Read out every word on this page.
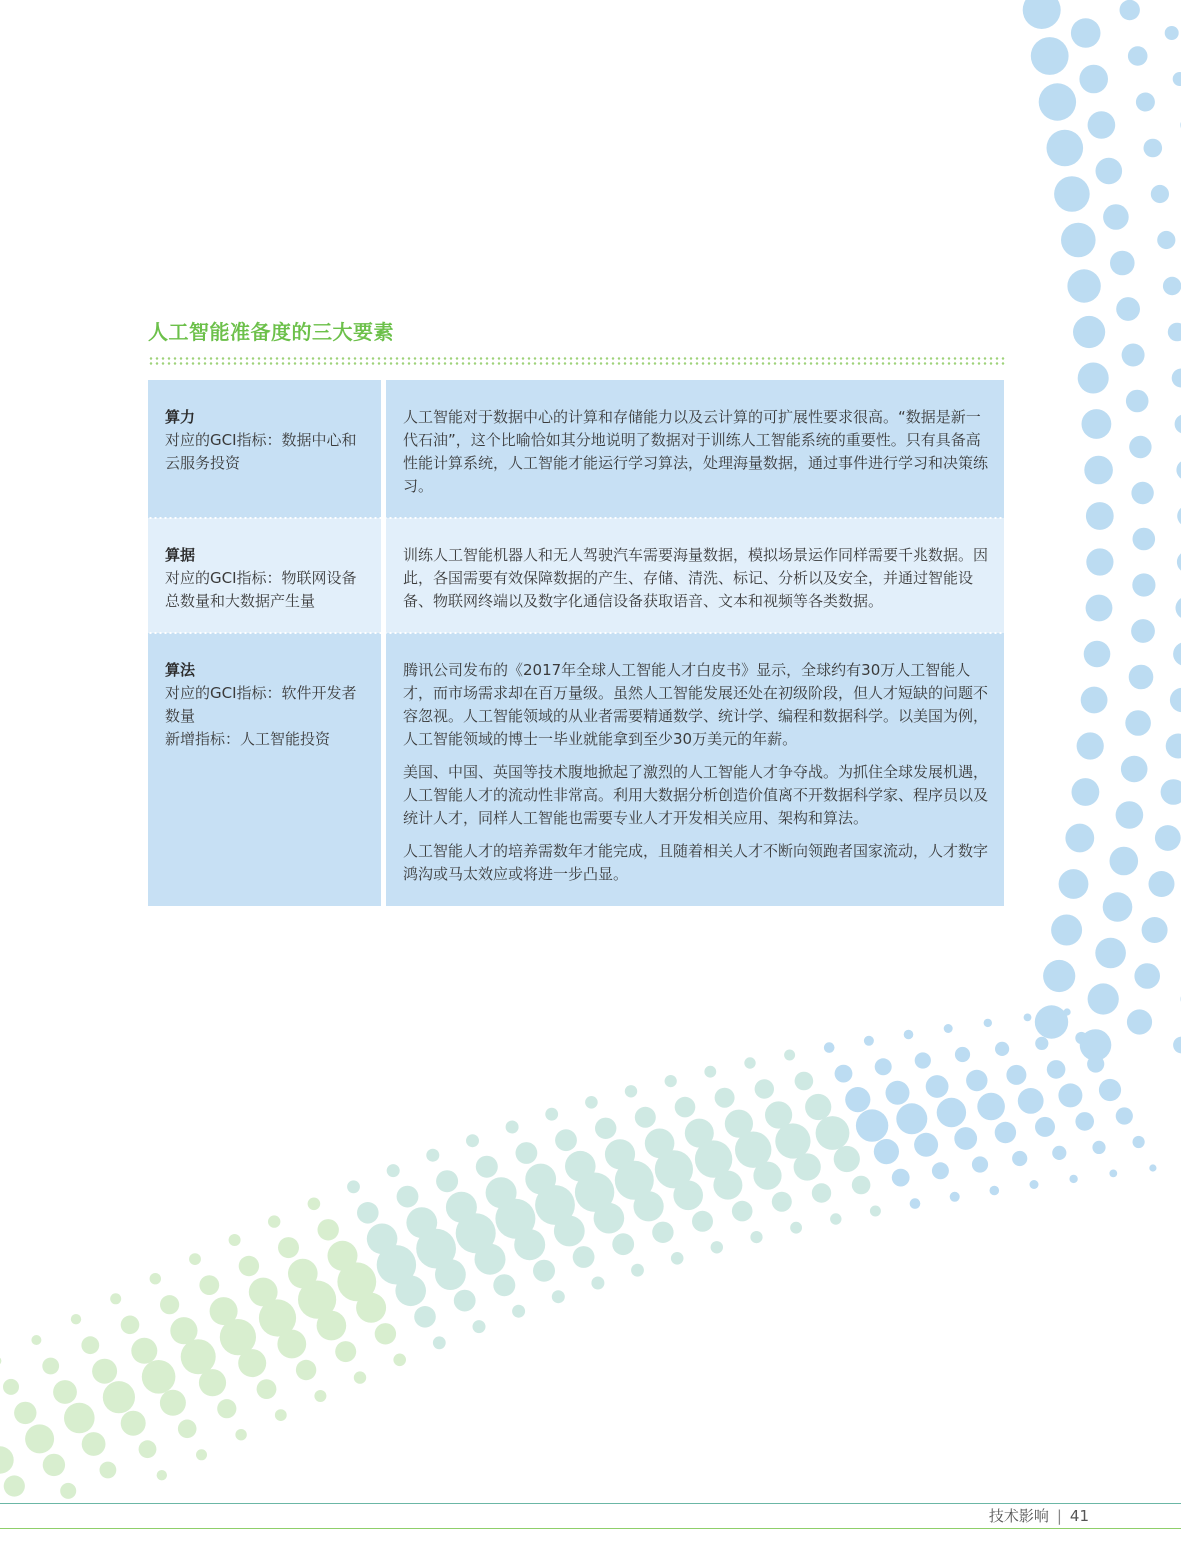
人工智能准备度的三大要素
算力
对应的GCI指标：数据中心和云服务投资

人工智能对于数据中心的计算和存储能力以及云计算的可扩展性要求很高。“数据是新一代石油”，这个比喻恰如其分地说明了数据对于训练人工智能系统的重要性。只有具备高性能计算系统，人工智能才能运行学习算法，处理海量数据，通过事件进行学习和决策练习。

算据
对应的GCI指标：物联网设备总数量和大数据产生量

训练人工智能机器人和无人驾驶汽车需要海量数据，模拟场景运作同样需要千兆数据。因此，各国需要有效保障数据的产生、存储、清洗、标记、分析以及安全，并通过智能设备、物联网终端以及数字化通信设备获取语音、文本和视频等各类数据。

算法
对应的GCI指标：软件开发者数量
新增指标：人工智能投资

腾讯公司发布的《2017年全球人工智能人才白皮书》显示，全球约有30万人工智能人才，而市场需求却在百万量级。虽然人工智能发展还处在初级阶段，但人才短缺的问题不容忽视。人工智能领域的从业者需要精通数学、统计学、编程和数据科学。以美国为例，人工智能领域的博士一毕业就能拿到至少30万美元的年薪。

美国、中国、英国等技术腹地掀起了激烈的人工智能人才争夺战。为抓住全球发展机遇，人工智能人才的流动性非常高。利用大数据分析创造价值离不开数据科学家、程序员以及统计人才，同样人工智能也需要专业人才开发相关应用、架构和算法。

人工智能人才的培养需数年才能完成，且随着相关人才不断向领跑者国家流动，人才数字鸿沟或马太效应或将进一步凸显。

技术影响 | 41
